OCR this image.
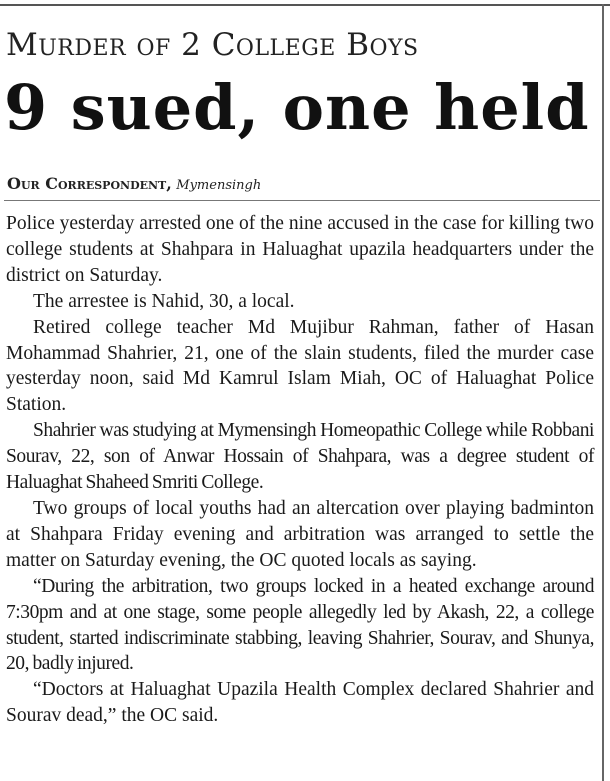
Murder of 2 College Boys
9 sued, one held
Our Correspondent, Mymensingh

Police yesterday arrested one of the nine accused in the case for killing two college students at Shahpara in Haluaghat upazila headquarters under the district on Saturday.

The arrestee is Nahid, 30, a local.

Retired college teacher Md Mujibur Rahman, father of Hasan Mohammad Shahrier, 21, one of the slain students, filed the murder case yesterday noon, said Md Kamrul Islam Miah, OC of Haluaghat Police Station.

Shahrier was studying at Mymensingh Homeopathic College while Robbani Sourav, 22, son of Anwar Hossain of Shahpara, was a degree student of Haluaghat Shaheed Smriti College.

Two groups of local youths had an altercation over playing badminton at Shahpara Friday evening and arbitration was arranged to settle the matter on Saturday evening, the OC quoted locals as saying.

“During the arbitration, two groups locked in a heated exchange around 7:30pm and at one stage, some people allegedly led by Akash, 22, a college student, started indiscriminate stabbing, leaving Shahrier, Sourav, and Shunya, 20, badly injured.

“Doctors at Haluaghat Upazila Health Complex declared Shahrier and Sourav dead,” the OC said.
